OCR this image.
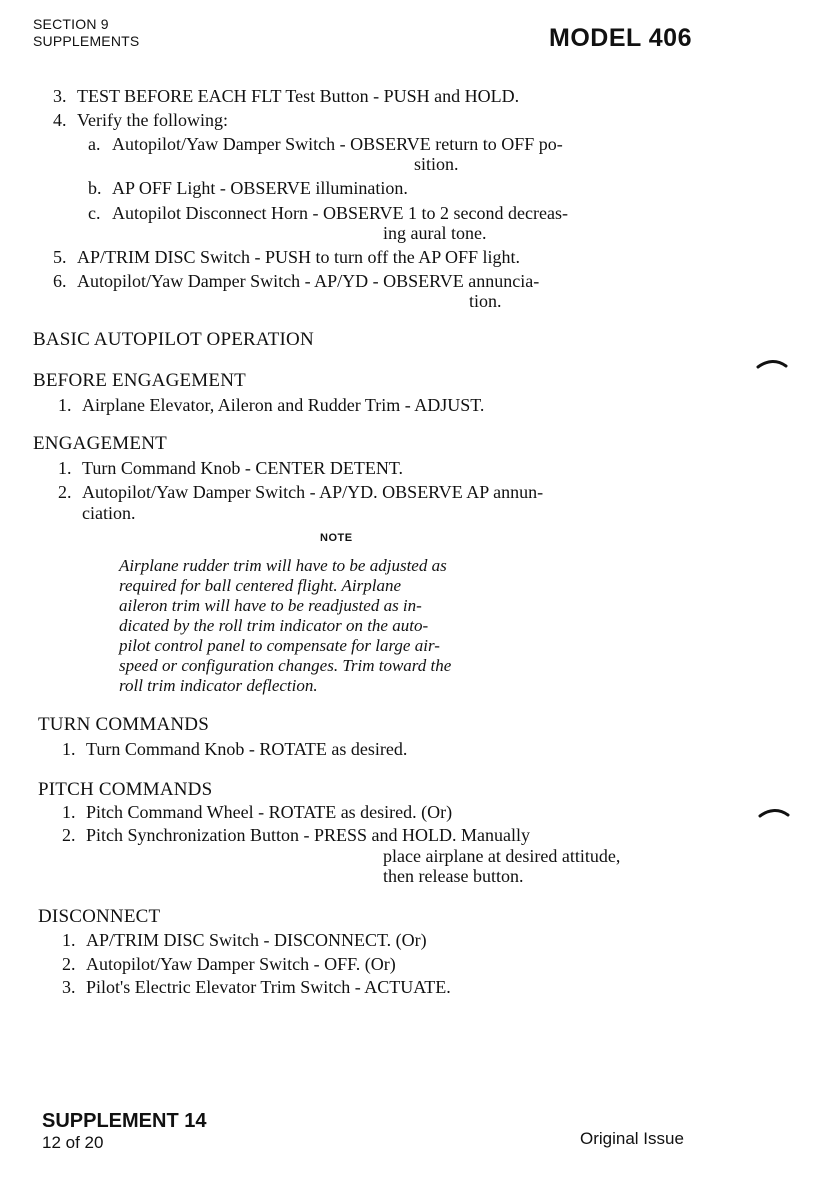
SECTION 9
SUPPLEMENTS	MODEL 406
3. TEST BEFORE EACH FLT Test Button - PUSH and HOLD.
4. Verify the following:
a. Autopilot/Yaw Damper Switch - OBSERVE return to OFF po-
sition.
b. AP OFF Light - OBSERVE illumination.
c. Autopilot Disconnect Horn - OBSERVE 1 to 2 second decreas-
ing aural tone.
5. AP/TRIM DISC Switch - PUSH to turn off the AP OFF light.
6. Autopilot/Yaw Damper Switch - AP/YD - OBSERVE annuncia-
tion.
BASIC AUTOPILOT OPERATION
BEFORE ENGAGEMENT
1. Airplane Elevator, Aileron and Rudder Trim - ADJUST.
ENGAGEMENT
1. Turn Command Knob - CENTER DETENT.
2. Autopilot/Yaw Damper Switch - AP/YD. OBSERVE AP annun-
ciation.
NOTE
Airplane rudder trim will have to be adjusted as
required for ball centered flight. Airplane
aileron trim will have to be readjusted as in-
dicated by the roll trim indicator on the auto-
pilot control panel to compensate for large air-
speed or configuration changes. Trim toward the
roll trim indicator deflection.
TURN COMMANDS
1. Turn Command Knob - ROTATE as desired.
PITCH COMMANDS
1. Pitch Command Wheel - ROTATE as desired. (Or)
2. Pitch Synchronization Button - PRESS and HOLD. Manually
place airplane at desired attitude,
then release button.
DISCONNECT
1. AP/TRIM DISC Switch - DISCONNECT. (Or)
2. Autopilot/Yaw Damper Switch - OFF. (Or)
3. Pilot's Electric Elevator Trim Switch - ACTUATE.
SUPPLEMENT 14
12 of 20	Original Issue
